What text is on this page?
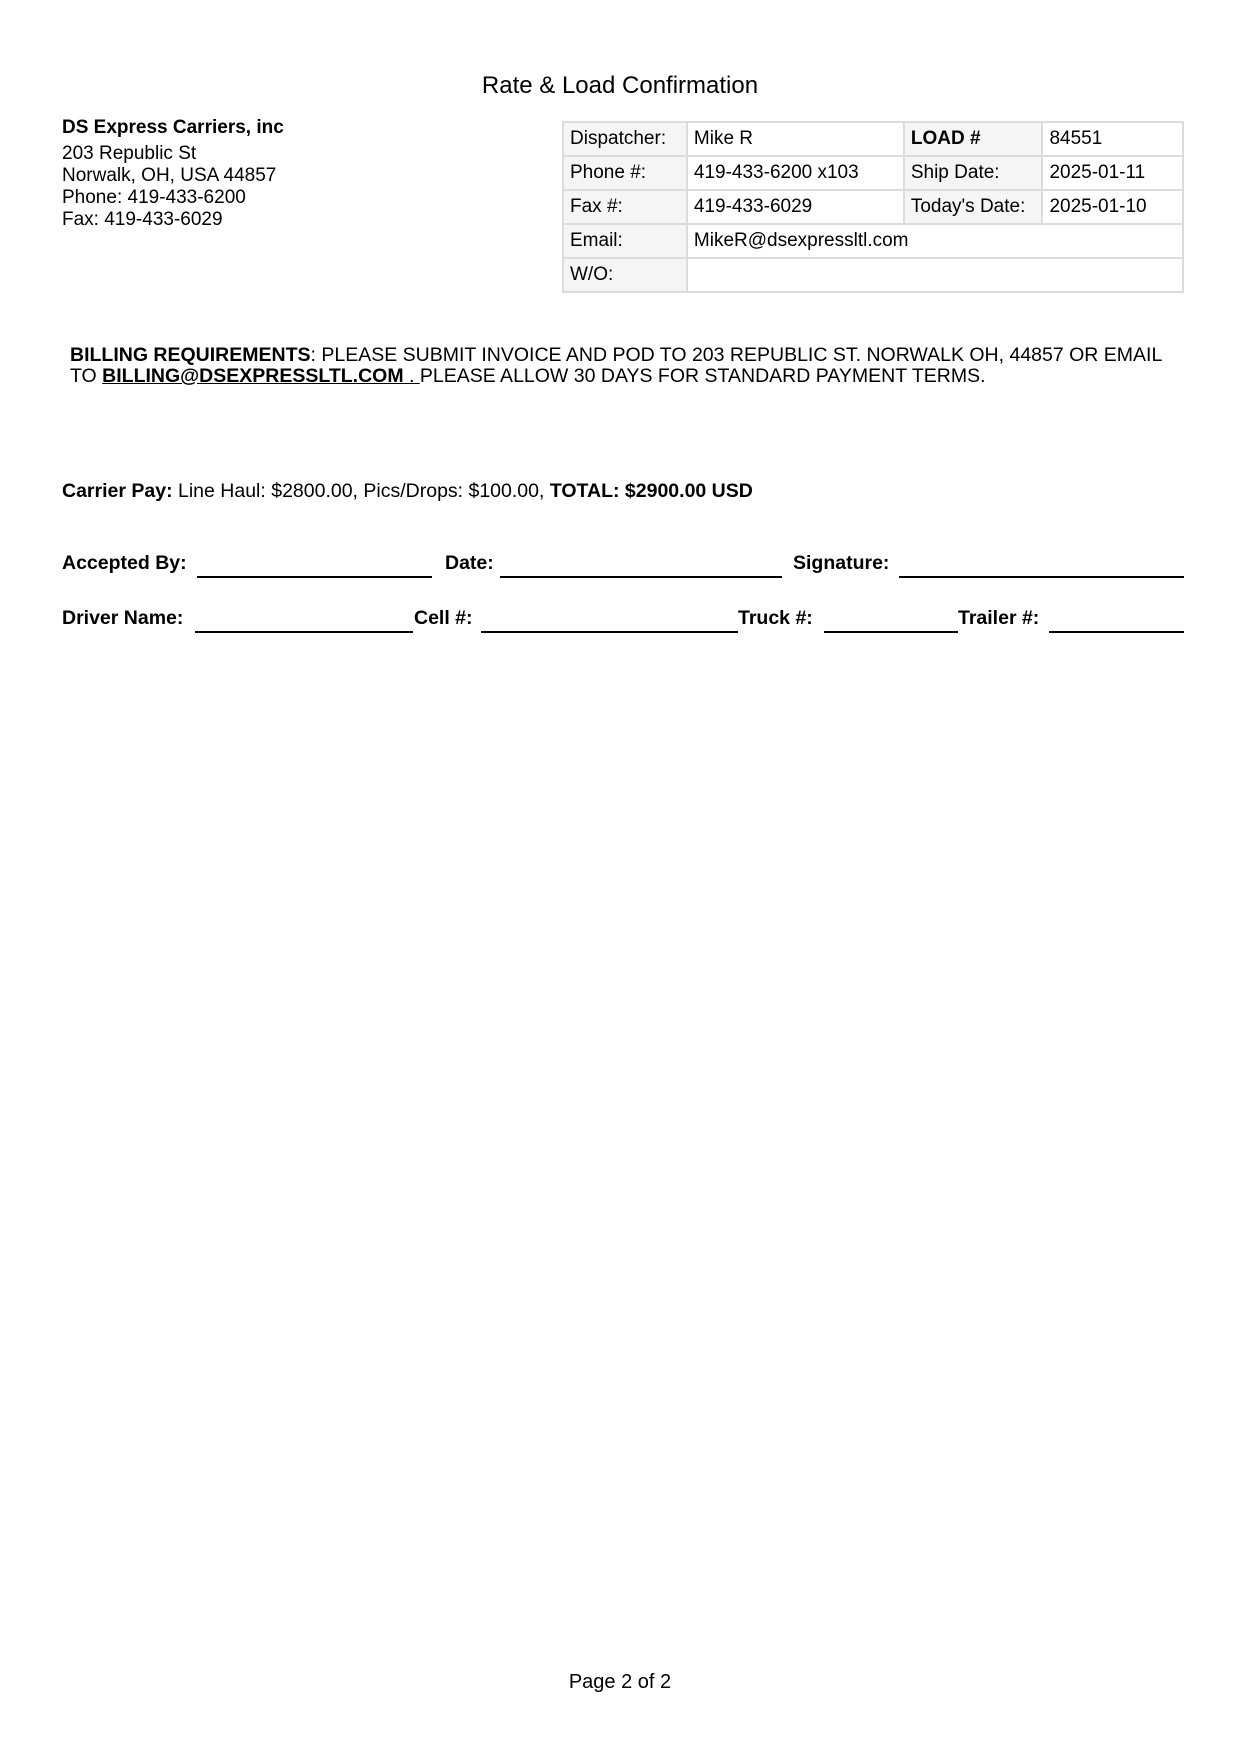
Rate & Load Confirmation
DS Express Carriers, inc
203 Republic St
Norwalk, OH, USA 44857
Phone: 419-433-6200
Fax: 419-433-6029
Dispatcher:	Mike R	LOAD #	84551
Phone #:	419-433-6200 x103	Ship Date:	2025-01-11
Fax #:	419-433-6029	Today's Date:	2025-01-10
Email:	MikeR@dsexpressltl.com		
W/O:			
BILLING REQUIREMENTS: PLEASE SUBMIT INVOICE AND POD TO 203 REPUBLIC ST. NORWALK OH, 44857 OR EMAIL TO BILLING@DSEXPRESSLTL.COM . PLEASE ALLOW 30 DAYS FOR STANDARD PAYMENT TERMS.
Carrier Pay: Line Haul: $2800.00, Pics/Drops: $100.00, TOTAL: $2900.00 USD
Accepted By:	Date:	Signature:
Driver Name:	Cell #:	Truck #:	Trailer #:
Page 2 of 2
